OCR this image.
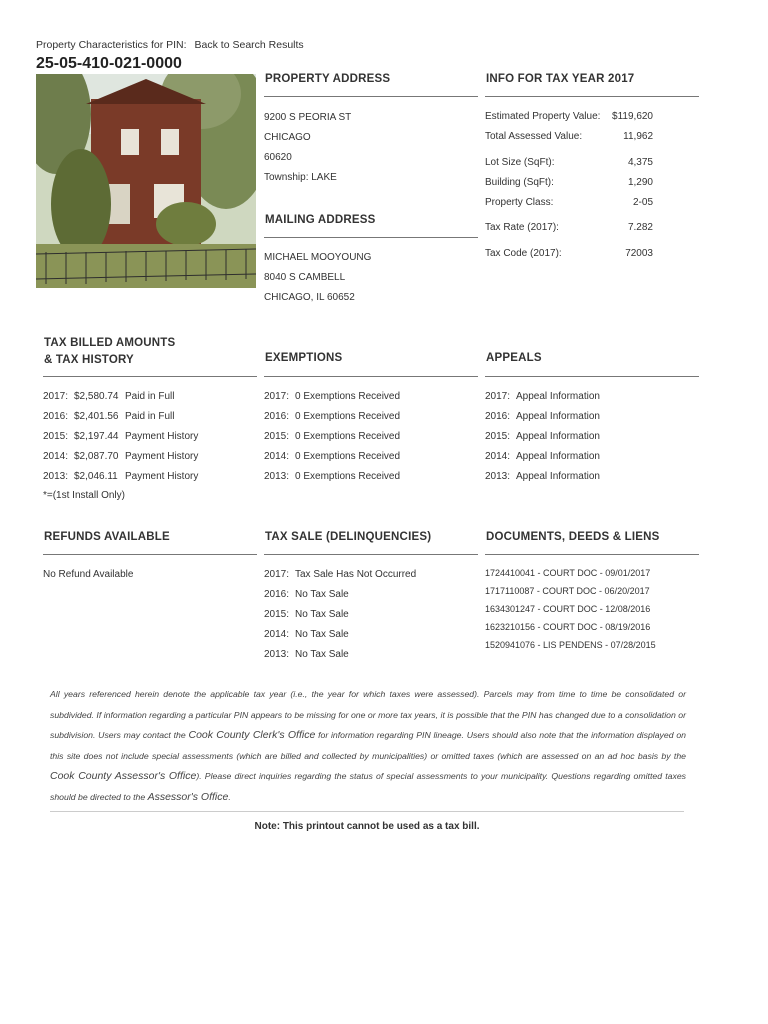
Property Characteristics for PIN: Back to Search Results
25-05-410-021-0000
PROPERTY ADDRESS
9200 S PEORIA ST
CHICAGO
60620
Township: LAKE
MAILING ADDRESS
MICHAEL MOOYOUNG
8040 S CAMBELL
CHICAGO, IL 60652
INFO FOR TAX YEAR 2017
Estimated Property Value: $119,620
Total Assessed Value:	11,962
Lot Size (SqFt):	4,375
Building (SqFt):	1,290
Property Class:	2-05
Tax Rate (2017):	7.282
Tax Code (2017):	72003
TAX BILLED AMOUNTS
& TAX HISTORY
2017: $2,580.74 Paid in Full
2016: $2,401.56 Paid in Full
2015: $2,197.44 Payment History
2014: $2,087.70 Payment History
2013: $2,046.11 Payment History
*=(1st Install Only)
EXEMPTIONS
2017: 0 Exemptions Received
2016: 0 Exemptions Received
2015: 0 Exemptions Received
2014: 0 Exemptions Received
2013: 0 Exemptions Received
APPEALS
2017: Appeal Information
2016: Appeal Information
2015: Appeal Information
2014: Appeal Information
2013: Appeal Information
REFUNDS AVAILABLE
No Refund Available
TAX SALE (DELINQUENCIES)
2017: Tax Sale Has Not Occurred
2016: No Tax Sale
2015: No Tax Sale
2014: No Tax Sale
2013: No Tax Sale
DOCUMENTS, DEEDS & LIENS
1724410041 - COURT DOC - 09/01/2017
1717110087 - COURT DOC - 06/20/2017
1634301247 - COURT DOC - 12/08/2016
1623210156 - COURT DOC - 08/19/2016
1520941076 - LIS PENDENS - 07/28/2015
All years referenced herein denote the applicable tax year (i.e., the year for which taxes were assessed). Parcels may from time to time be consolidated or subdivided. If information regarding a particular PIN appears to be missing for one or more tax years, it is possible that the PIN has changed due to a consolidation or subdivision. Users may contact the Cook County Clerk's Office for information regarding PIN lineage. Users should also note that the information displayed on this site does not include special assessments (which are billed and collected by municipalities) or omitted taxes (which are assessed on an ad hoc basis by the Cook County Assessor's Office). Please direct inquiries regarding the status of special assessments to your municipality. Questions regarding omitted taxes should be directed to the Assessor's Office.
Note: This printout cannot be used as a tax bill.
